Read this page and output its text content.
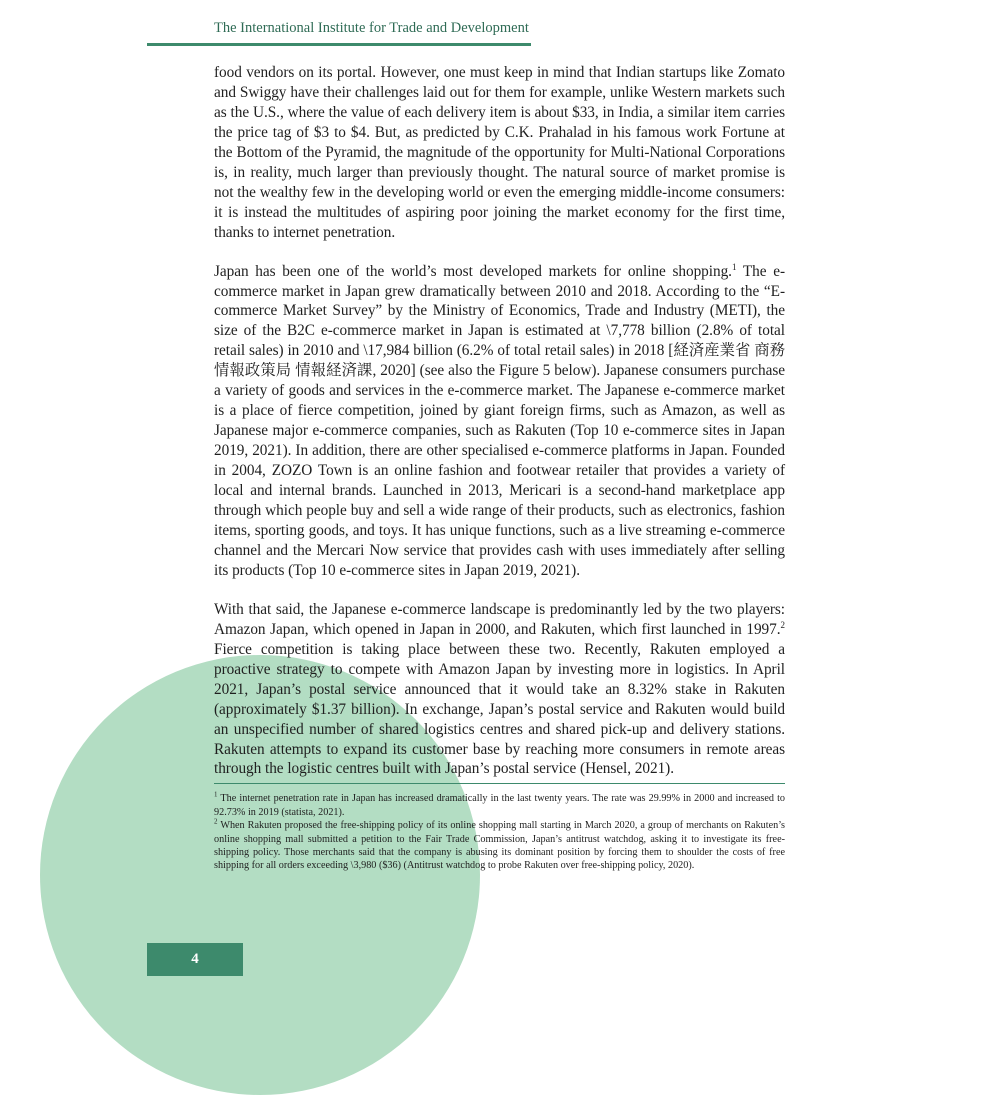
The International Institute for Trade and Development

food vendors on its portal. However, one must keep in mind that Indian startups like Zomato and Swiggy have their challenges laid out for them for example, unlike Western markets such as the U.S., where the value of each delivery item is about $33, in India, a similar item carries the price tag of $3 to $4. But, as predicted by C.K. Prahalad in his famous work Fortune at the Bottom of the Pyramid, the magnitude of the opportunity for Multi-National Corporations is, in reality, much larger than previously thought. The natural source of market promise is not the wealthy few in the developing world or even the emerging middle-income consumers: it is instead the multitudes of aspiring poor joining the market economy for the first time, thanks to internet penetration.

Japan has been one of the world’s most developed markets for online shopping.$^1$ The e-commerce market in Japan grew dramatically between 2010 and 2018. According to the “E-commerce Market Survey” by the Ministry of Economics, Trade and Industry (METI), the size of the B2C e-commerce market in Japan is estimated at \7,778 billion (2.8% of total retail sales) in 2010 and \17,984 billion (6.2% of total retail sales) in 2018 [経済産業省 商務情報政策局 情報経済課, 2020] (see also the Figure 5 below). Japanese consumers purchase a variety of goods and services in the e-commerce market. The Japanese e-commerce market is a place of fierce competition, joined by giant foreign firms, such as Amazon, as well as Japanese major e-commerce companies, such as Rakuten (Top 10 e-commerce sites in Japan 2019, 2021). In addition, there are other specialised e-commerce platforms in Japan. Founded in 2004, ZOZO Town is an online fashion and footwear retailer that provides a variety of local and internal brands. Launched in 2013, Mericari is a second-hand marketplace app through which people buy and sell a wide range of their products, such as electronics, fashion items, sporting goods, and toys. It has unique functions, such as a live streaming e-commerce channel and the Mercari Now service that provides cash with uses immediately after selling its products (Top 10 e-commerce sites in Japan 2019, 2021).

With that said, the Japanese e-commerce landscape is predominantly led by the two players: Amazon Japan, which opened in Japan in 2000, and Rakuten, which first launched in 1997.$^2$ Fierce competition is taking place between these two. Recently, Rakuten employed a proactive strategy to compete with Amazon Japan by investing more in logistics. In April 2021, Japan’s postal service announced that it would take an 8.32% stake in Rakuten (approximately $1.37 billion). In exchange, Japan’s postal service and Rakuten would build an unspecified number of shared logistics centres and shared pick-up and delivery stations. Rakuten attempts to expand its customer base by reaching more consumers in remote areas through the logistic centres built with Japan’s postal service (Hensel, 2021).

$^1$ The internet penetration rate in Japan has increased dramatically in the last twenty years. The rate was 29.99% in 2000 and increased to 92.73% in 2019 (statista, 2021).

$^2$ When Rakuten proposed the free-shipping policy of its online shopping mall starting in March 2020, a group of merchants on Rakuten’s online shopping mall submitted a petition to the Fair Trade Commission, Japan’s antitrust watchdog, asking it to investigate its free-shipping policy. Those merchants said that the company is abusing its dominant position by forcing them to shoulder the costs of free shipping for all orders exceeding \3,980 ($36) (Antitrust watchdog to probe Rakuten over free-shipping policy, 2020).

4
